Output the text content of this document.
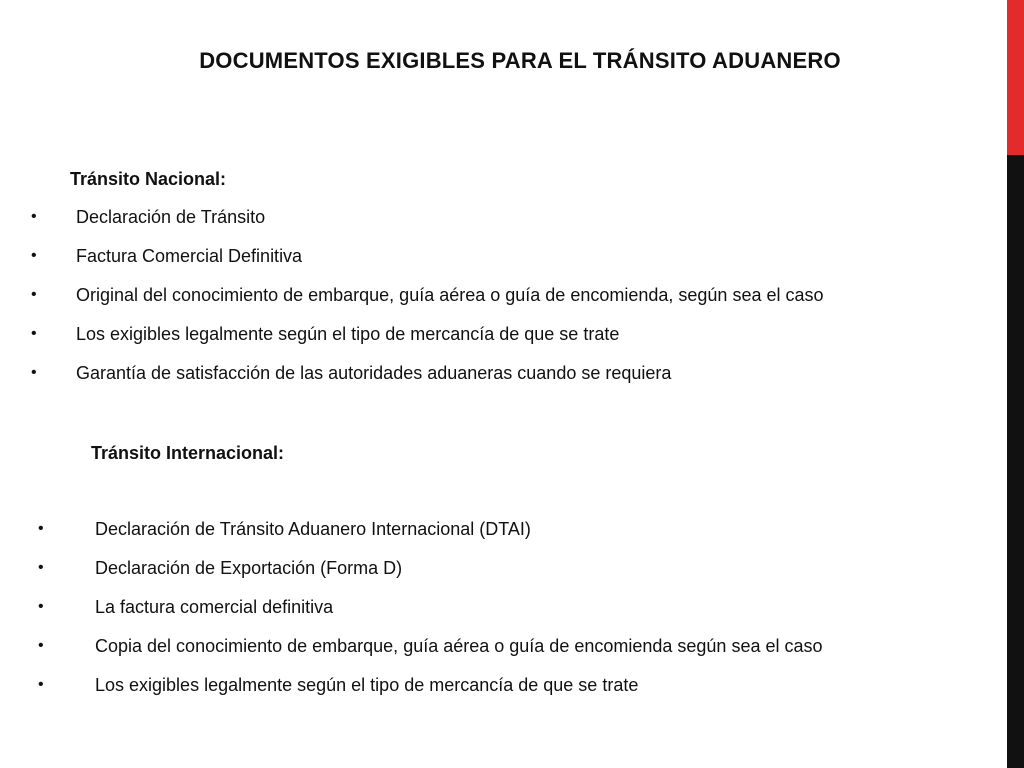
DOCUMENTOS EXIGIBLES PARA EL TRÁNSITO ADUANERO
Tránsito Nacional:
• Declaración de Tránsito
• Factura Comercial Definitiva
• Original del conocimiento de embarque, guía aérea o guía de encomienda, según sea el caso
• Los exigibles legalmente según el tipo de mercancía de que se trate
• Garantía de satisfacción de las autoridades aduaneras cuando se requiera
Tránsito Internacional:
•	Declaración de Tránsito Aduanero Internacional (DTAI)
•	Declaración de Exportación (Forma D)
•	La factura comercial definitiva
•	Copia del conocimiento de embarque, guía aérea o guía de encomienda según sea el caso
•	Los exigibles legalmente según el tipo de mercancía de que se trate
